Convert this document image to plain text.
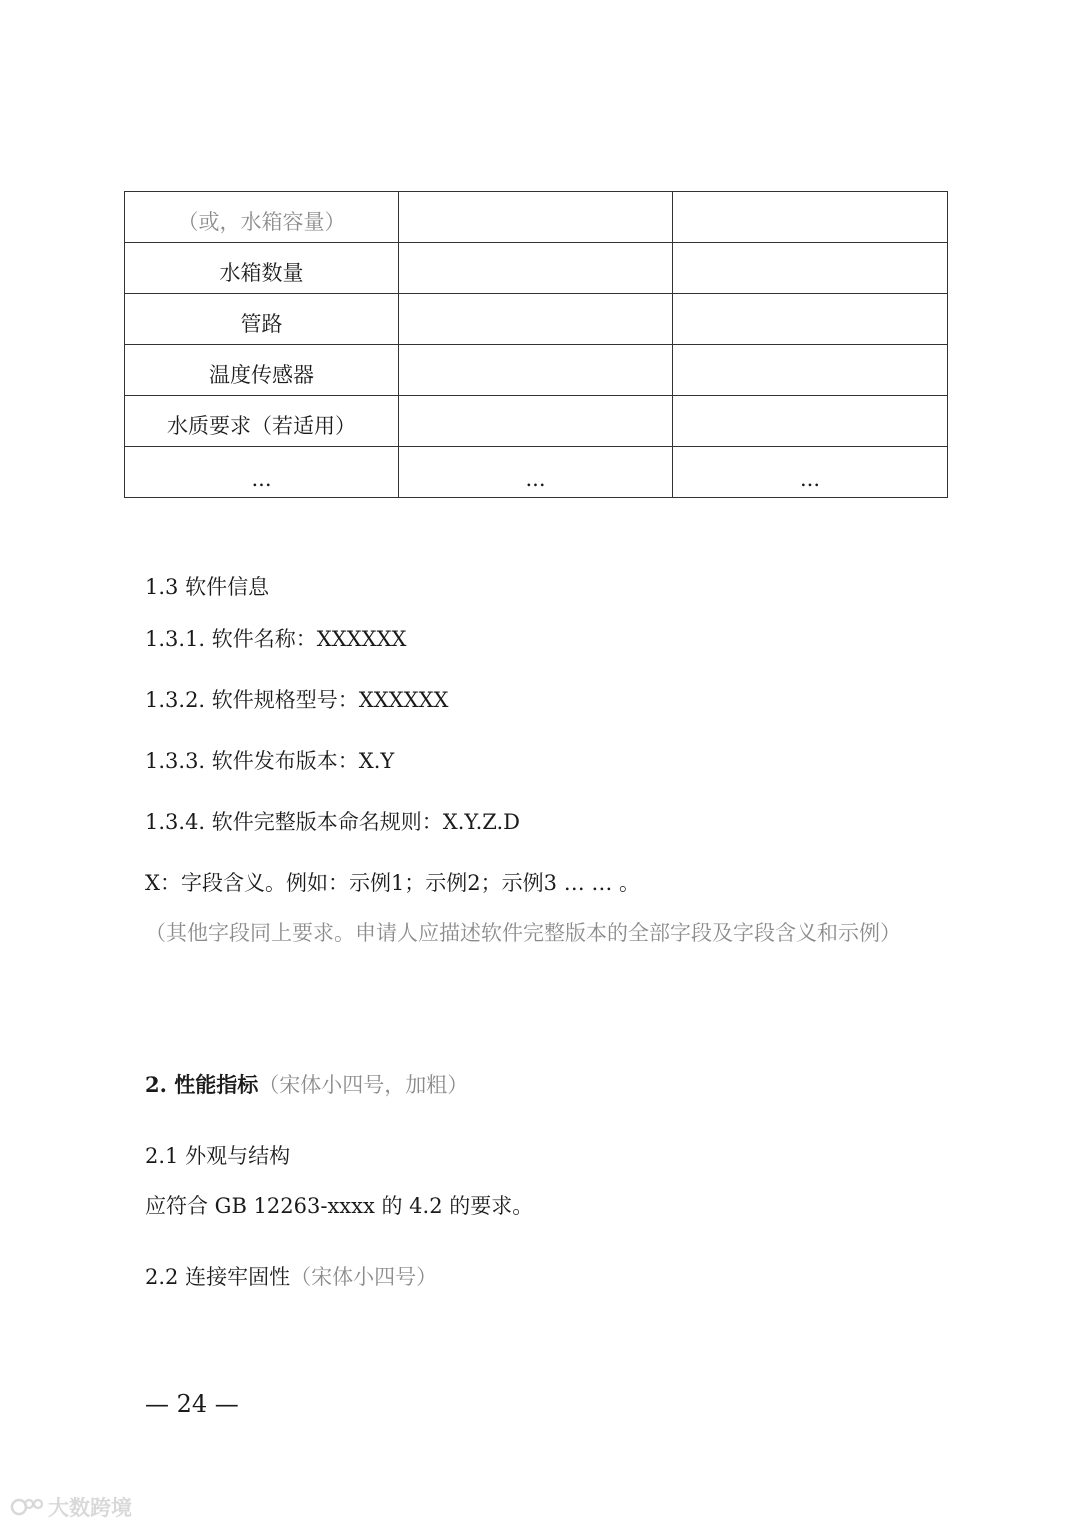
（或，水箱容量）		
水箱数量		
管路		
温度传感器		
水质要求（若适用）		
...	...	...
1.3 软件信息
1.3.1. 软件名称：XXXXXX
1.3.2. 软件规格型号：XXXXXX
1.3.3. 软件发布版本：X.Y
1.3.4. 软件完整版本命名规则：X.Y.Z.D
X：字段含义。例如：示例1；示例2；示例3 … … 。
（其他字段同上要求。申请人应描述软件完整版本的全部字段及字段含义和示例）
2. 性能指标（宋体小四号，加粗）
2.1 外观与结构
应符合 GB 12263-xxxx 的 4.2 的要求。
2.2 连接牢固性（宋体小四号）
— 24 —
大数跨境
